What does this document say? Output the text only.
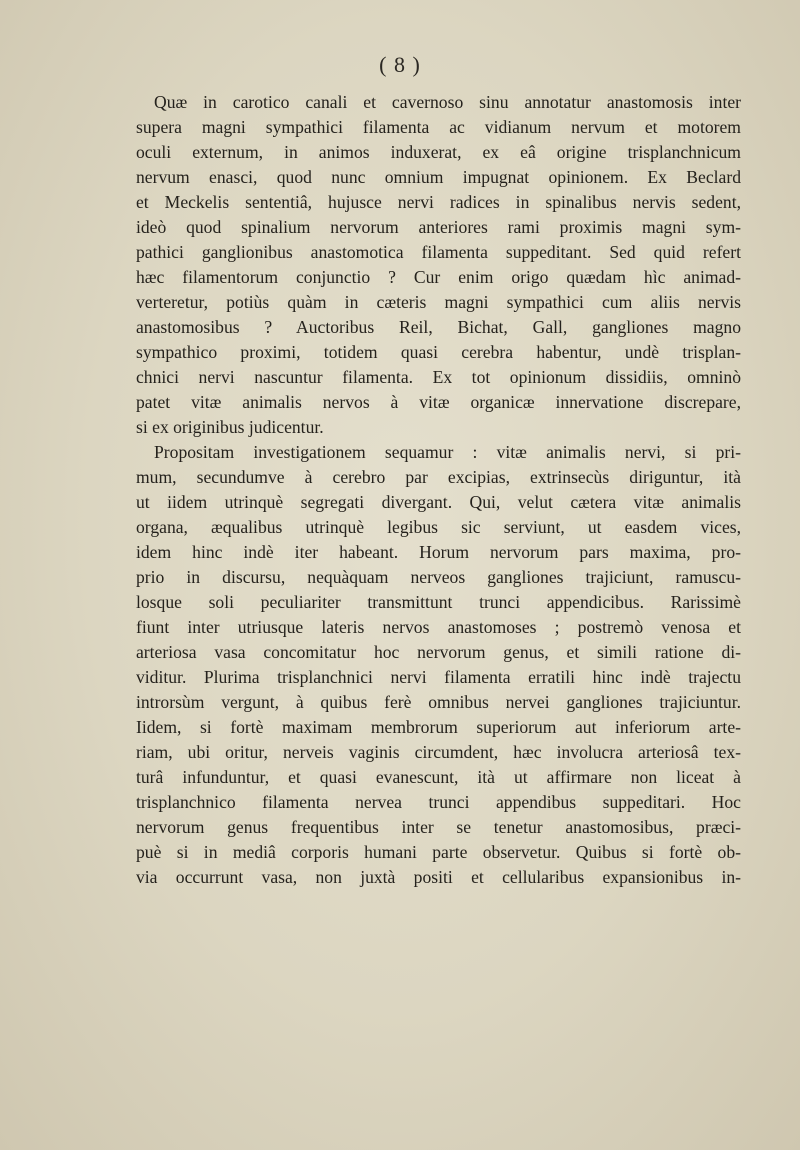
( 8 )
Quæ in carotico canali et cavernoso sinu annotatur anastomosis inter
supera magni sympathici filamenta ac vidianum nervum et motorem
oculi externum, in animos induxerat, ex eâ origine trisplanchnicum
nervum enasci, quod nunc omnium impugnat opinionem. Ex Beclard
et Meckelis sententiâ, hujusce nervi radices in spinalibus nervis sedent,
ideò quod spinalium nervorum anteriores rami proximis magni sym-
pathici ganglionibus anastomotica filamenta suppeditant. Sed quid refert
hæc filamentorum conjunctio ? Cur enim origo quædam hìc animad-
verteretur, potiùs quàm in cæteris magni sympathici cum aliis nervis
anastomosibus ? Auctoribus Reil, Bichat, Gall, gangliones magno
sympathico proximi, totidem quasi cerebra habentur, undè trisplan-
chnici nervi nascuntur filamenta. Ex tot opinionum dissidiis, omninò
patet vitæ animalis nervos à vitæ organicæ innervatione discrepare,
si ex originibus judicentur.
Propositam investigationem sequamur : vitæ animalis nervi, si pri-
mum, secundumve à cerebro par excipias, extrinsecùs diriguntur, ità
ut iidem utrinquè segregati divergant. Qui, velut cætera vitæ animalis
organa, æqualibus utrinquè legibus sic serviunt, ut easdem vices,
idem hinc indè iter habeant. Horum nervorum pars maxima, pro-
prio in discursu, nequàquam nerveos gangliones trajiciunt, ramuscu-
losque soli peculiariter transmittunt trunci appendicibus. Rarissimè
fiunt inter utriusque lateris nervos anastomoses ; postremò venosa et
arteriosa vasa concomitatur hoc nervorum genus, et simili ratione di-
viditur. Plurima trisplanchnici nervi filamenta erratili hinc indè trajectu
introrsùm vergunt, à quibus ferè omnibus nervei gangliones trajiciuntur.
Iidem, si fortè maximam membrorum superiorum aut inferiorum arte-
riam, ubi oritur, nerveis vaginis circumdent, hæc involucra arteriosâ tex-
turâ infunduntur, et quasi evanescunt, ità ut affirmare non liceat à
trisplanchnico filamenta nervea trunci appendibus suppeditari. Hoc
nervorum genus frequentibus inter se tenetur anastomosibus, præci-
puè si in mediâ corporis humani parte observetur. Quibus si fortè ob-
via occurrunt vasa, non juxtà positi et cellularibus expansionibus in-
